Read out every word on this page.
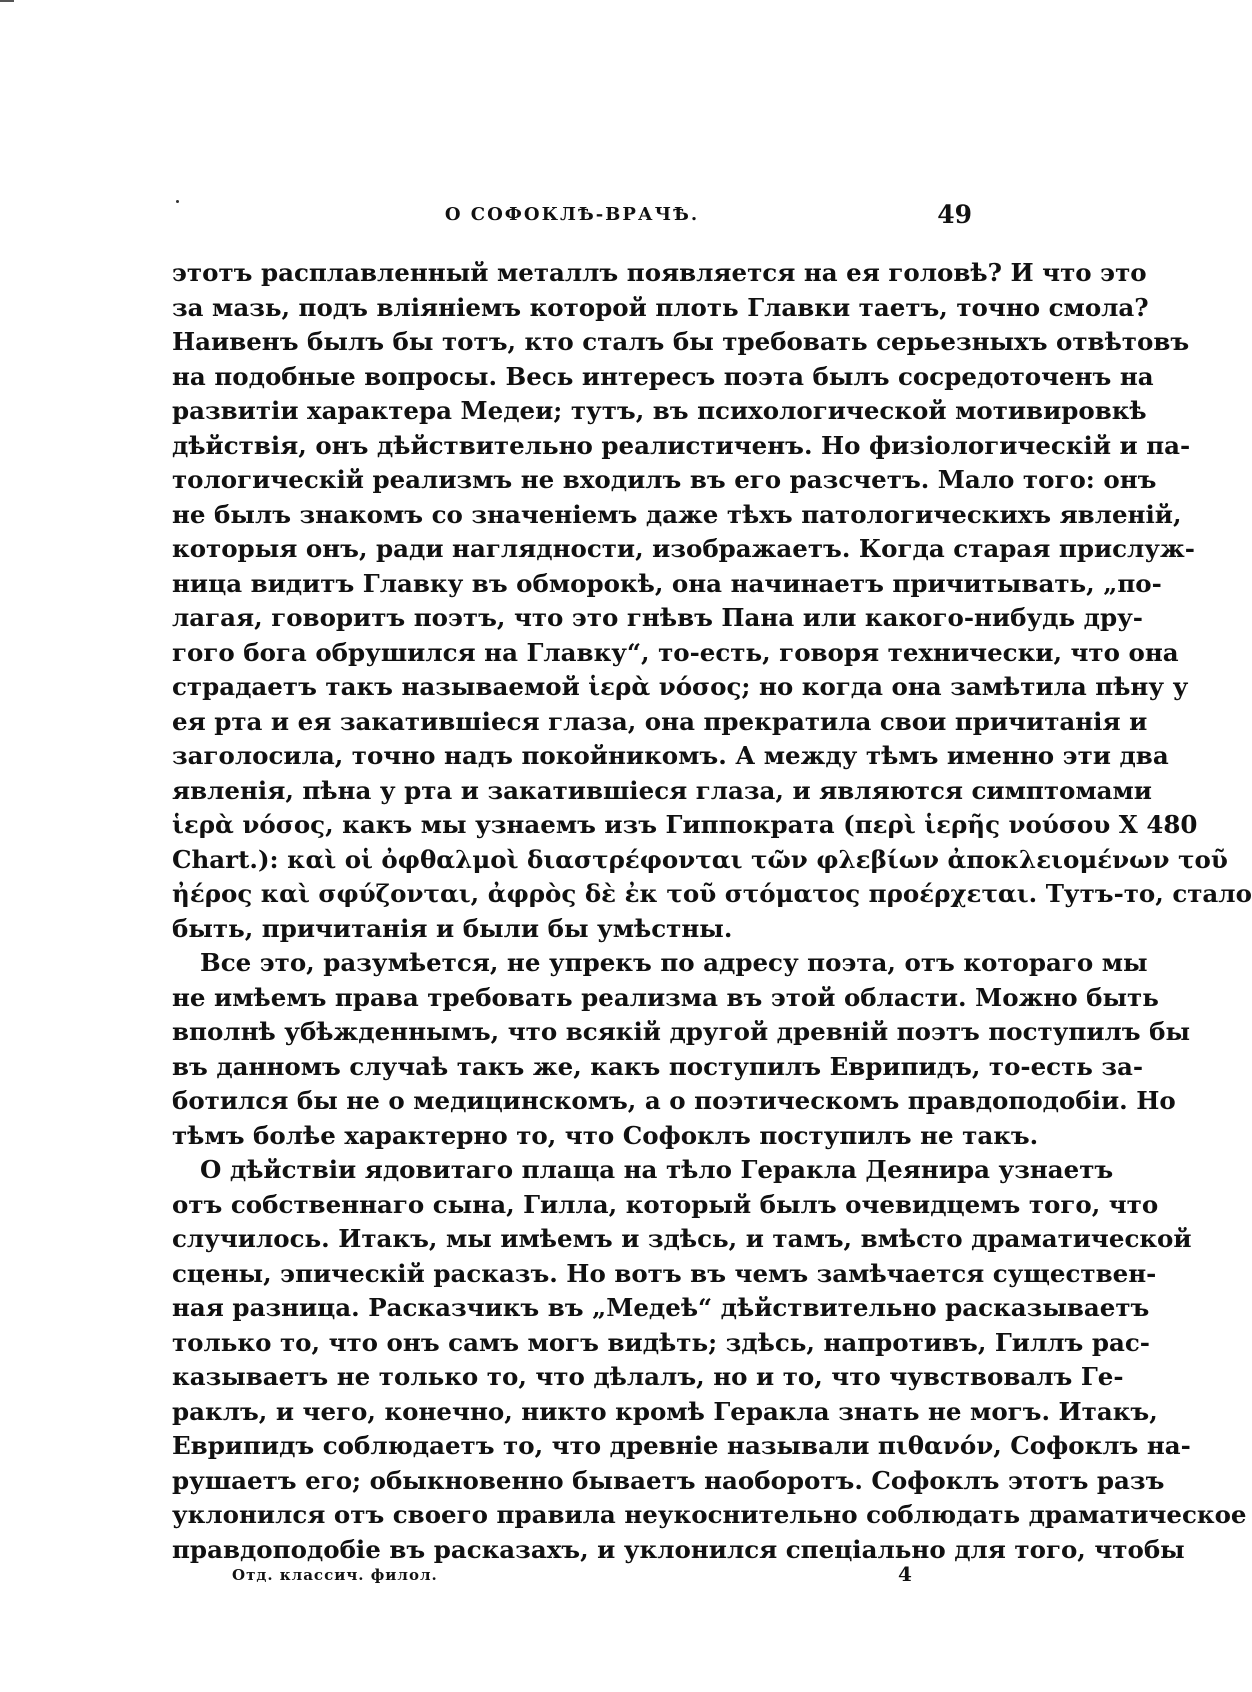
О СОФОКЛѢ-ВРАЧѢ.	49
этотъ расплавленный металлъ появляется на ея головѣ? И что это
за мазь, подъ вліяніемъ которой плоть Главки таетъ, точно смола?
Наивенъ былъ бы тотъ, кто сталъ бы требовать серьезныхъ отвѣтовъ
на подобные вопросы. Весь интересъ поэта былъ сосредоточенъ на
развитіи характера Медеи; тутъ, въ психологической мотивировкѣ
дѣйствія, онъ дѣйствительно реалистиченъ. Но физіологическій и па-
тологическій реализмъ не входилъ въ его разсчетъ. Мало того: онъ
не былъ знакомъ со значеніемъ даже тѣхъ патологическихъ явленій,
которыя онъ, ради наглядности, изображаетъ. Когда старая прислуж-
ница видитъ Главку въ обморокѣ, она начинаетъ причитывать, „по-
лагая, говоритъ поэтъ, что это гнѣвъ Пана или какого-нибудь дру-
гого бога обрушился на Главку“, то-есть, говоря технически, что она
страдаетъ такъ называемой ἱερὰ νόσος; но когда она замѣтила пѣну у
ея рта и ея закатившіеся глаза, она прекратила свои причитанія и
заголосила, точно надъ покойникомъ. А между тѣмъ именно эти два
явленія, пѣна у рта и закатившіеся глаза, и являются симптомами
ἱερὰ νόσος, какъ мы узнаемъ изъ Гиппократа (περὶ ἱερῆς νούσου X 480
Chart.): καὶ οἱ ὀφθαλμοὶ διαστρέφονται τῶν φλεβίων ἀποκλειομένων τοῦ
ἠέρος καὶ σφύζονται, ἀφρὸς δὲ ἐκ τοῦ στόματος προέρχεται. Тутъ-то, стало
быть, причитанія и были бы умѣстны.
Все это, разумѣется, не упрекъ по адресу поэта, отъ котораго мы
не имѣемъ права требовать реализма въ этой области. Можно быть
вполнѣ убѣжденнымъ, что всякій другой древній поэтъ поступилъ бы
въ данномъ случаѣ такъ же, какъ поступилъ Еврипидъ, то-есть за-
ботился бы не о медицинскомъ, а о поэтическомъ правдоподобіи. Но
тѣмъ болѣе характерно то, что Софоклъ поступилъ не такъ.
О дѣйствіи ядовитаго плаща на тѣло Геракла Деянира узнаетъ
отъ собственнаго сына, Гилла, который былъ очевидцемъ того, что
случилось. Итакъ, мы имѣемъ и здѣсь, и тамъ, вмѣсто драматической
сцены, эпическій расказъ. Но вотъ въ чемъ замѣчается существен-
ная разница. Расказчикъ въ „Медеѣ“ дѣйствительно расказываетъ
только то, что онъ самъ могъ видѣть; здѣсь, напротивъ, Гиллъ рас-
казываетъ не только то, что дѣлалъ, но и то, что чувствовалъ Ге-
раклъ, и чего, конечно, никто кромѣ Геракла знать не могъ. Итакъ,
Еврипидъ соблюдаетъ то, что древніе называли πιθανόν, Софоклъ на-
рушаетъ его; обыкновенно бываетъ наоборотъ. Софоклъ этотъ разъ
уклонился отъ своего правила неукоснительно соблюдать драматическое
правдоподобіе въ расказахъ, и уклонился спеціально для того, чтобы
Отд. классич. филол.	4
